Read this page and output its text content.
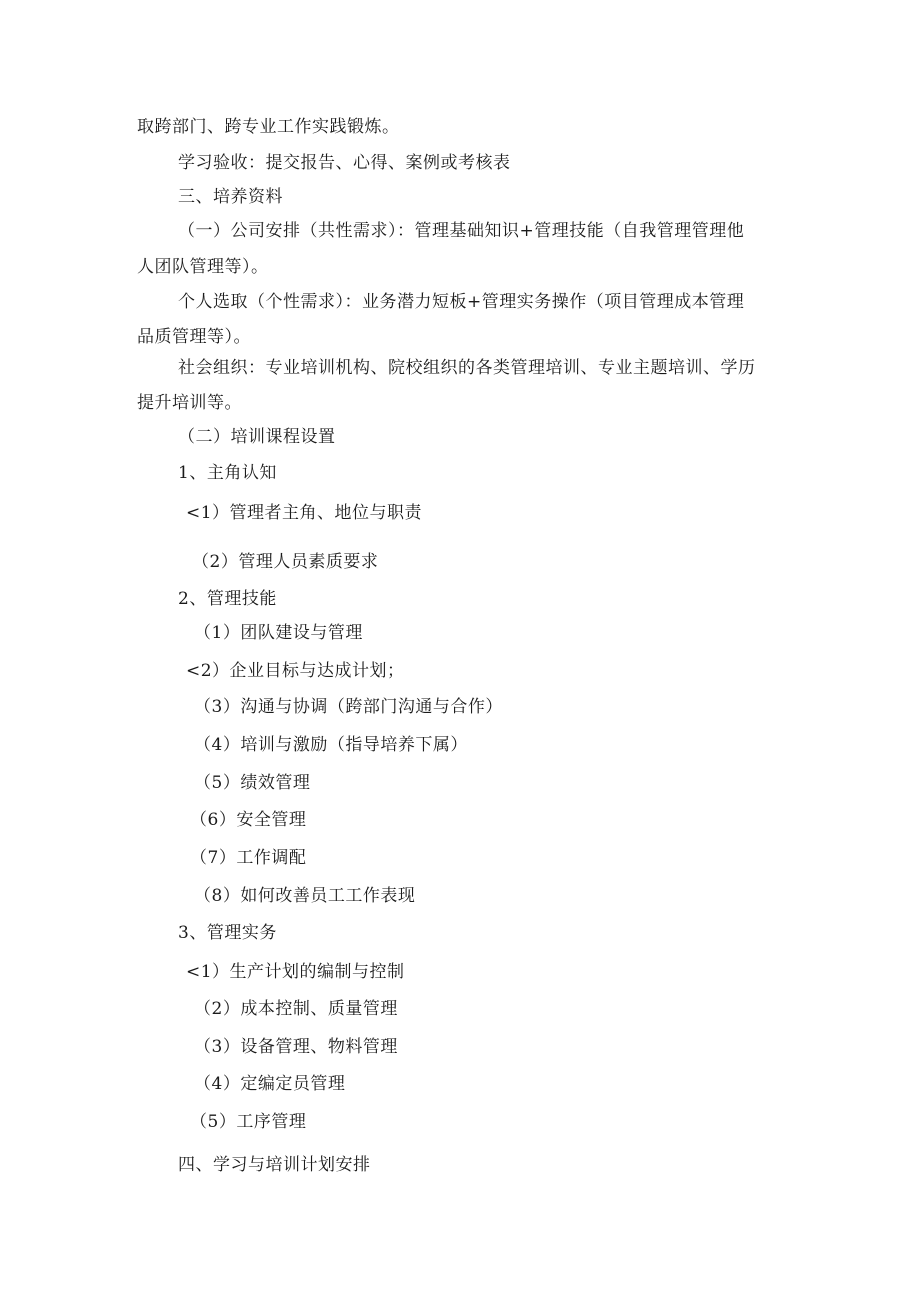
取跨部门、跨专业工作实践锻炼。
学习验收：提交报告、心得、案例或考核表
三、培养资料
（一）公司安排（共性需求）：管理基础知识+管理技能（自我管理管理他
人团队管理等）。
个人选取（个性需求）：业务潜力短板+管理实务操作（项目管理成本管理
品质管理等）。
社会组织：专业培训机构、院校组织的各类管理培训、专业主题培训、学历
提升培训等。
（二）培训课程设置
1、主角认知
<1）管理者主角、地位与职责
（2）管理人员素质要求
2、管理技能
（1）团队建设与管理
<2）企业目标与达成计划；
（3）沟通与协调（跨部门沟通与合作）
（4）培训与激励（指导培养下属）
（5）绩效管理
（6）安全管理
（7）工作调配
（8）如何改善员工工作表现
3、管理实务
<1）生产计划的编制与控制
（2）成本控制、质量管理
（3）设备管理、物料管理
（4）定编定员管理
（5）工序管理
四、学习与培训计划安排
